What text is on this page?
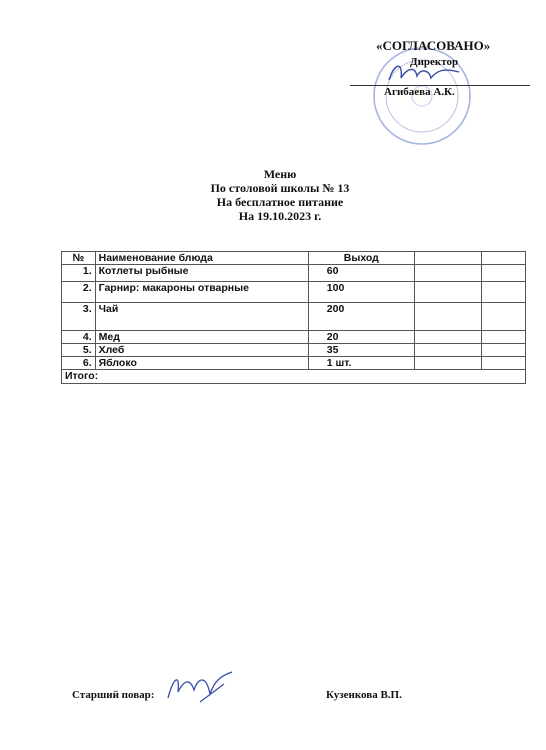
«СОГЛАСОВАНО»
Директор
Агибаева А.К.
Меню
По столовой школы № 13
На бесплатное питание
На 19.10.2023 г.
№	Наименование блюда	Выход		
1.	Котлеты рыбные	60		
2.	Гарнир: макароны отварные	100		
3.	Чай	200		
4.	Мед	20		
5.	Хлеб	35		
6.	Яблоко	1 шт.		
Итого:				
Старший повар:	Кузенкова В.П.
